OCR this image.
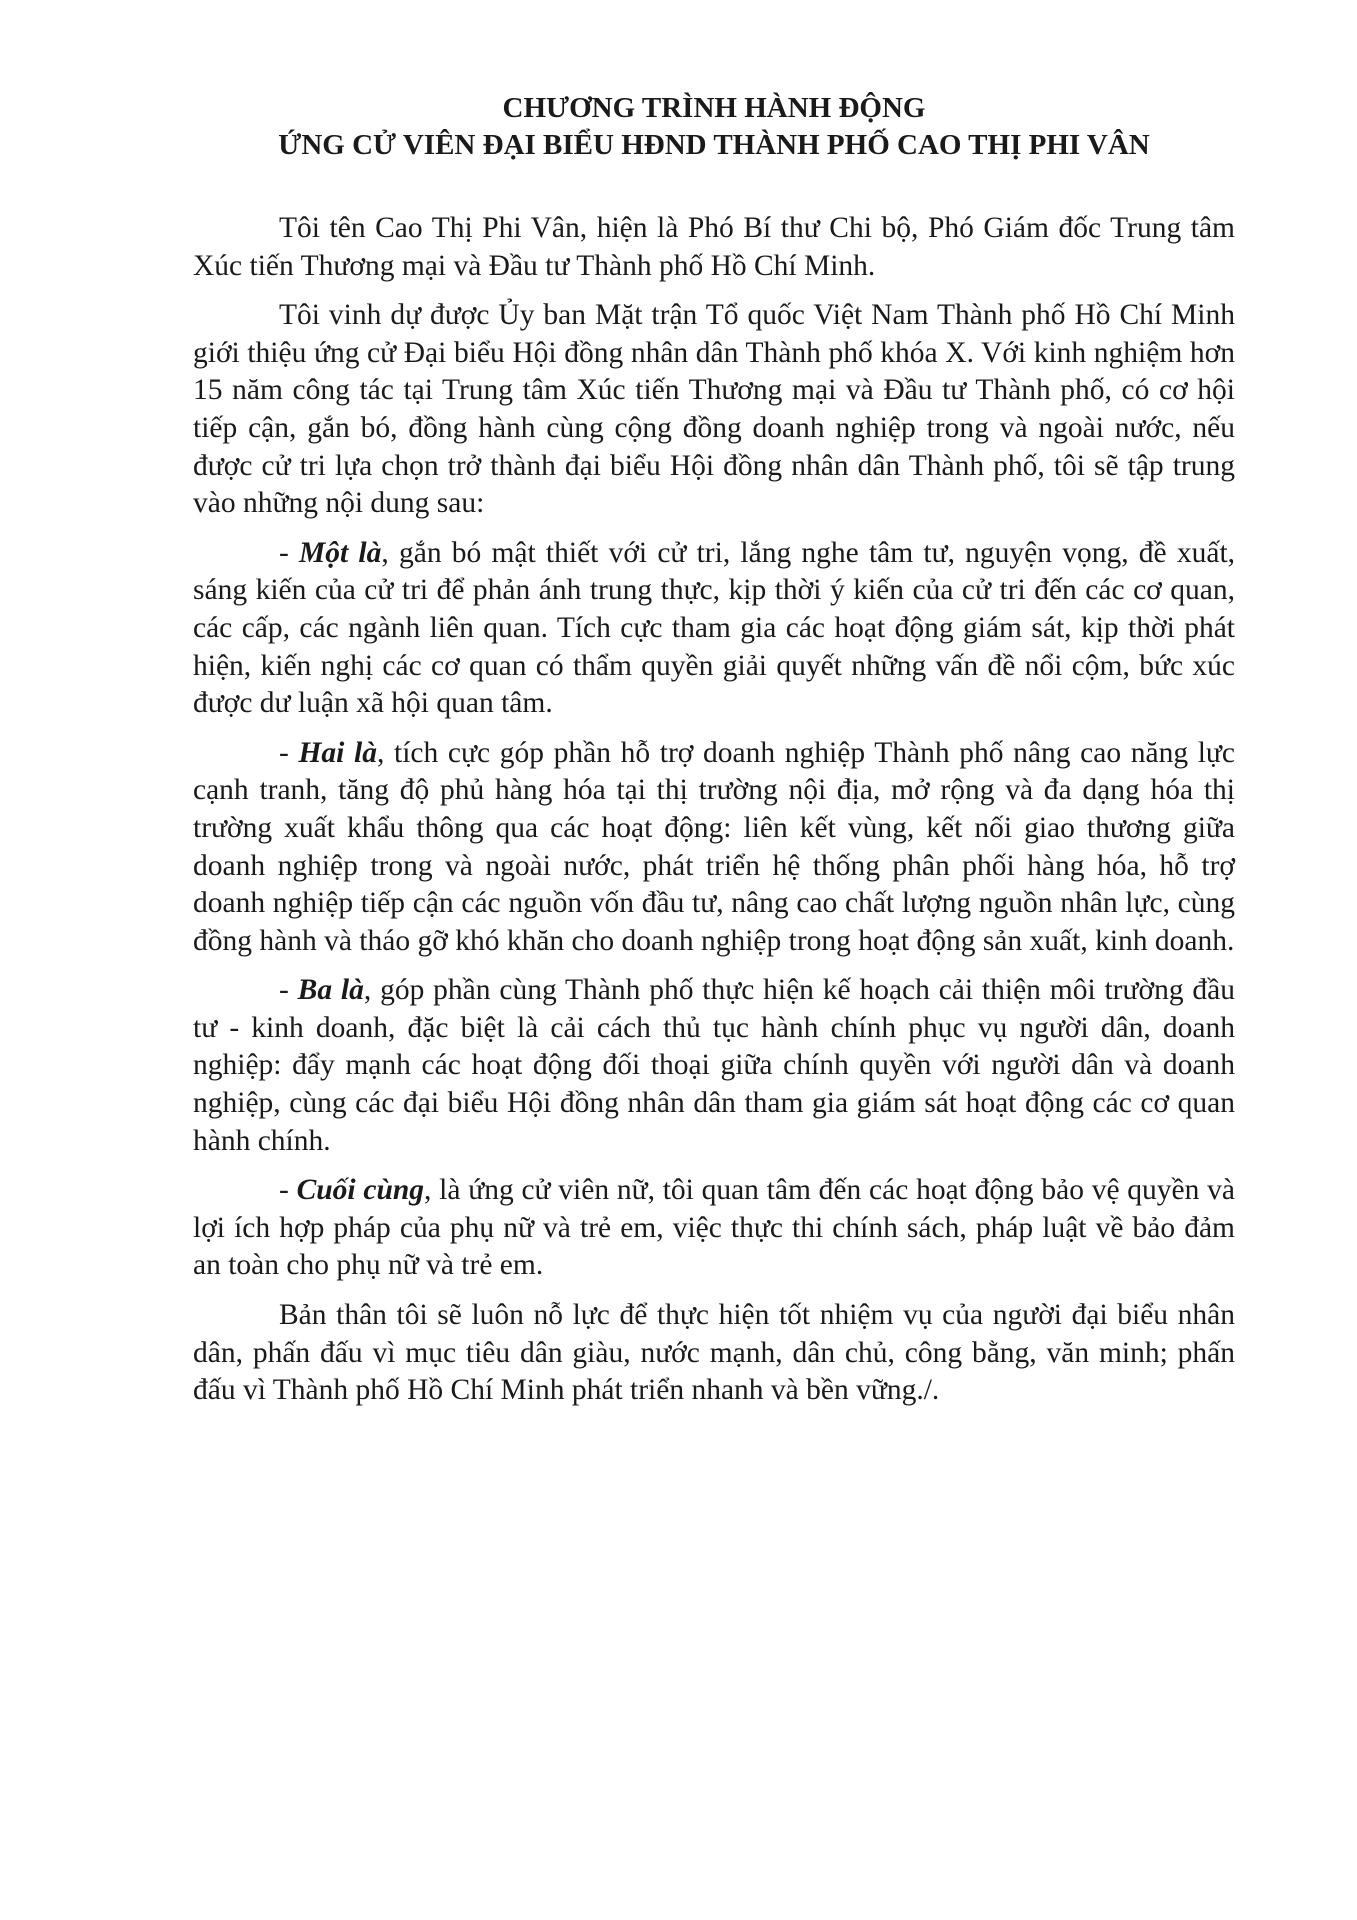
CHƯƠNG TRÌNH HÀNH ĐỘNG
ỨNG CỬ VIÊN ĐẠI BIỂU HĐND THÀNH PHỐ CAO THỊ PHI VÂN

Tôi tên Cao Thị Phi Vân, hiện là Phó Bí thư Chi bộ, Phó Giám đốc Trung tâm Xúc tiến Thương mại và Đầu tư Thành phố Hồ Chí Minh.

Tôi vinh dự được Ủy ban Mặt trận Tổ quốc Việt Nam Thành phố Hồ Chí Minh giới thiệu ứng cử Đại biểu Hội đồng nhân dân Thành phố khóa X. Với kinh nghiệm hơn 15 năm công tác tại Trung tâm Xúc tiến Thương mại và Đầu tư Thành phố, có cơ hội tiếp cận, gắn bó, đồng hành cùng cộng đồng doanh nghiệp trong và ngoài nước, nếu được cử tri lựa chọn trở thành đại biểu Hội đồng nhân dân Thành phố, tôi sẽ tập trung vào những nội dung sau:

- Một là, gắn bó mật thiết với cử tri, lắng nghe tâm tư, nguyện vọng, đề xuất, sáng kiến của cử tri để phản ánh trung thực, kịp thời ý kiến của cử tri đến các cơ quan, các cấp, các ngành liên quan. Tích cực tham gia các hoạt động giám sát, kịp thời phát hiện, kiến nghị các cơ quan có thẩm quyền giải quyết những vấn đề nổi cộm, bức xúc được dư luận xã hội quan tâm.

- Hai là, tích cực góp phần hỗ trợ doanh nghiệp Thành phố nâng cao năng lực cạnh tranh, tăng độ phủ hàng hóa tại thị trường nội địa, mở rộng và đa dạng hóa thị trường xuất khẩu thông qua các hoạt động: liên kết vùng, kết nối giao thương giữa doanh nghiệp trong và ngoài nước, phát triển hệ thống phân phối hàng hóa, hỗ trợ doanh nghiệp tiếp cận các nguồn vốn đầu tư, nâng cao chất lượng nguồn nhân lực, cùng đồng hành và tháo gỡ khó khăn cho doanh nghiệp trong hoạt động sản xuất, kinh doanh.

- Ba là, góp phần cùng Thành phố thực hiện kế hoạch cải thiện môi trường đầu tư - kinh doanh, đặc biệt là cải cách thủ tục hành chính phục vụ người dân, doanh nghiệp: đẩy mạnh các hoạt động đối thoại giữa chính quyền với người dân và doanh nghiệp, cùng các đại biểu Hội đồng nhân dân tham gia giám sát hoạt động các cơ quan hành chính.

- Cuối cùng, là ứng cử viên nữ, tôi quan tâm đến các hoạt động bảo vệ quyền và lợi ích hợp pháp của phụ nữ và trẻ em, việc thực thi chính sách, pháp luật về bảo đảm an toàn cho phụ nữ và trẻ em.

Bản thân tôi sẽ luôn nỗ lực để thực hiện tốt nhiệm vụ của người đại biểu nhân dân, phấn đấu vì mục tiêu dân giàu, nước mạnh, dân chủ, công bằng, văn minh; phấn đấu vì Thành phố Hồ Chí Minh phát triển nhanh và bền vững./.
